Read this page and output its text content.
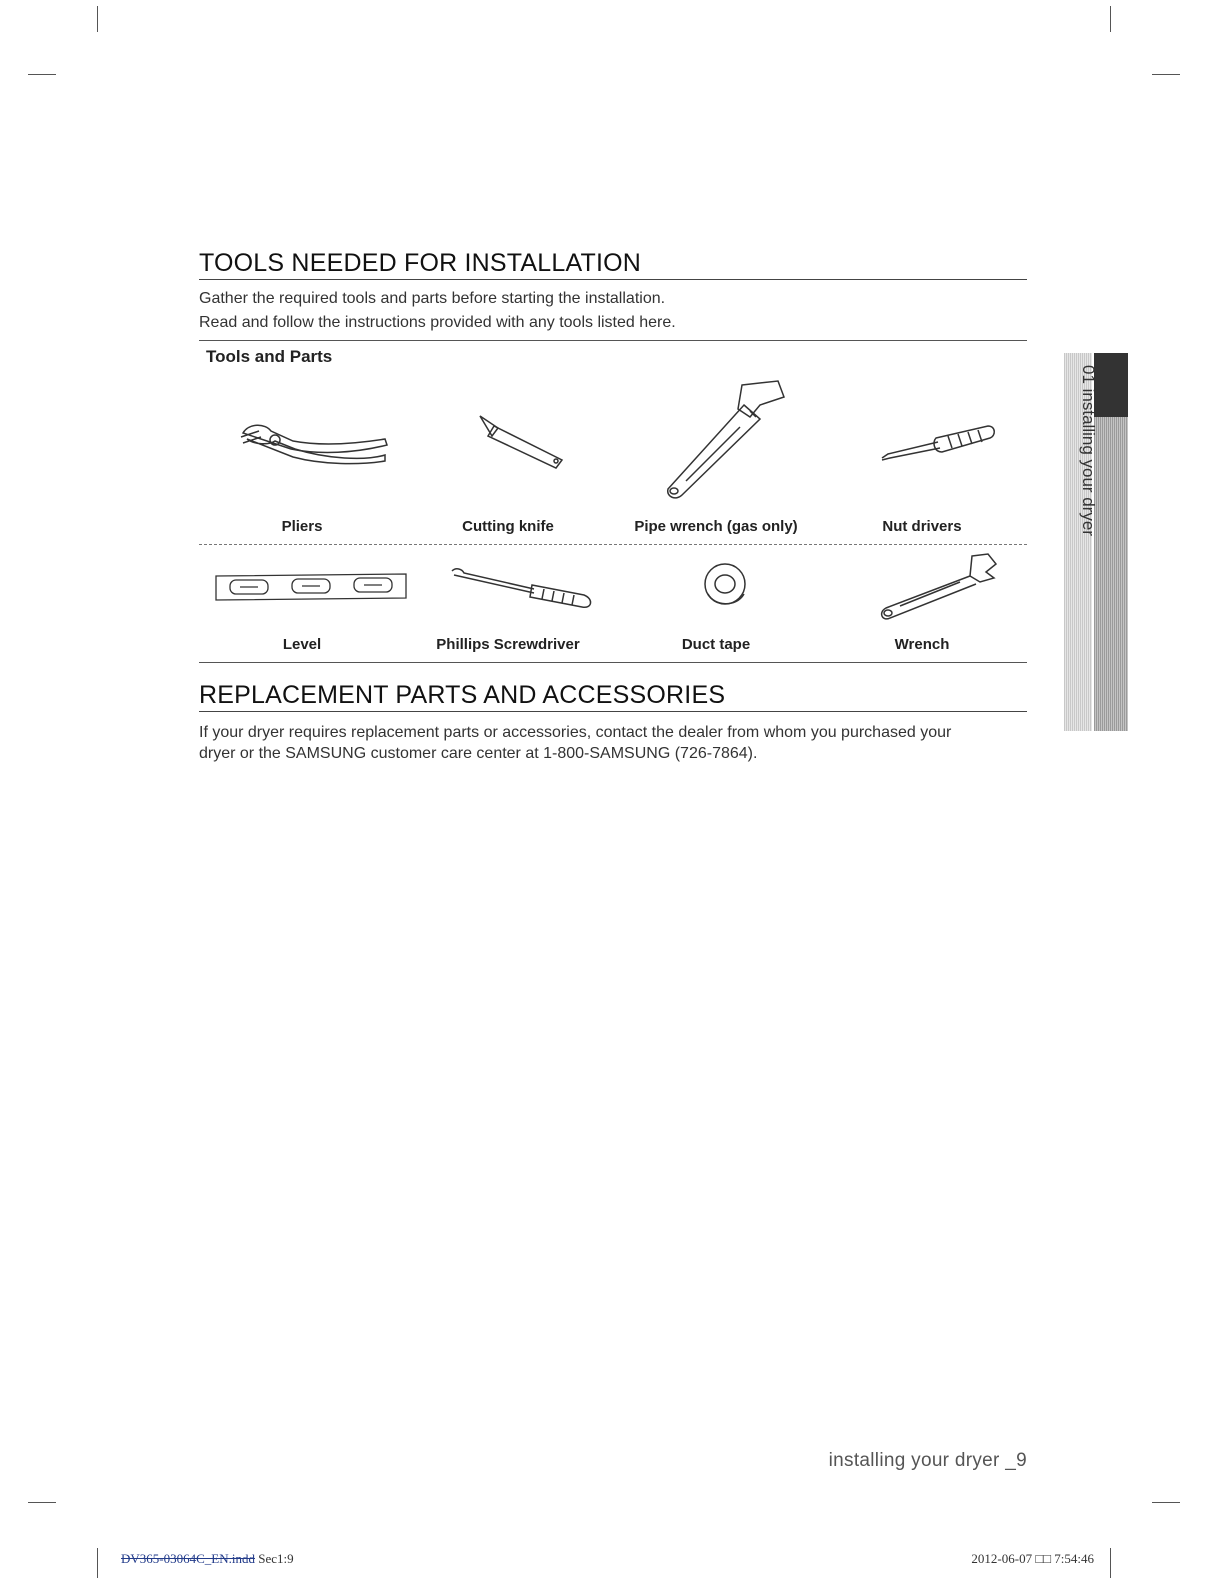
TOOLS NEEDED FOR INSTALLATION
Gather the required tools and parts before starting the installation.
Read and follow the instructions provided with any tools listed here.
Tools and Parts
Pliers	Cutting knife	Pipe wrench (gas only)	Nut drivers
Level	Phillips Screwdriver	Duct tape	Wrench
REPLACEMENT PARTS AND ACCESSORIES
If your dryer requires replacement parts or accessories, contact the dealer from whom you purchased your
dryer or the SAMSUNG customer care center at 1-800-SAMSUNG (726-7864).
01 installing your dryer
installing your dryer _9
DV365-03064C_EN.indd Sec1:9	2012-06-07 □□ 7:54:46
